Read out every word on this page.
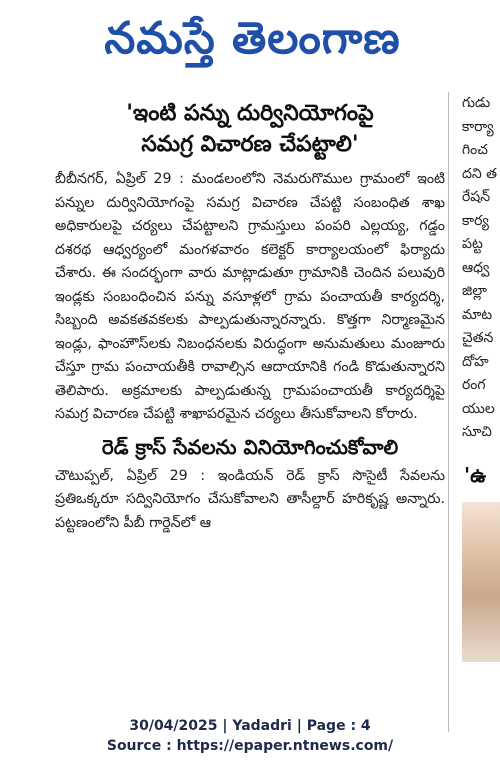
నమస్తే తెలంగాణ
'ఇంటి పన్ను దుర్వినియోగంపై
సమగ్ర విచారణ చేపట్టాలి'

బీబీనగర్, ఏప్రిల్ 29 : మండలంలోని నెమరుగొముల గ్రామంలో ఇంటి పన్నుల దుర్వినియోగంపై సమగ్ర విచారణ చేపట్టి సంబంధిత శాఖ అధికారులపై చర్యలు చేపట్టాలని గ్రామస్తులు పంపరి ఎల్లయ్య, గడ్డం దశరథ ఆధ్వర్యంలో మంగళవారం కలెక్టర్ కార్యాలయంలో ఫిర్యాదు చేశారు. ఈ సందర్భంగా వారు మాట్లాడుతూ గ్రామానికి చెందిన పలువురి ఇండ్లకు సంబంధించిన పన్ను వసూళ్లలో గ్రామ పంచాయతీ కార్యదర్శి, సిబ్బంది అవకతవకలకు పాల్పడుతున్నారన్నారు. కొత్తగా నిర్మాణమైన ఇండ్లు, ఫాంహౌస్‌లకు నిబంధనలకు విరుద్ధంగా అనుమతులు మంజూరు చేస్తూ గ్రామ పంచాయతీకి రావాల్సిన ఆదాయానికి గండి కొడుతున్నారని తెలిపారు. అక్రమాలకు పాల్పడుతున్న గ్రామపంచాయతీ కార్యదర్శిపై సమగ్ర విచారణ చేపట్టి శాఖాపరమైన చర్యలు తీసుకోవాలని కోరారు.

రెడ్ క్రాస్ సేవలను వినియోగించుకోవాలి

చౌటుప్పల్, ఏప్రిల్ 29 : ఇండియన్ రెడ్ క్రాస్ సొసైటీ సేవలను ప్రతిఒక్కరూ సద్వినియోగం చేసుకోవాలని తాసీల్దార్ హరికృష్ణ అన్నారు. పట్టణంలోని పీబీ గార్డెన్‌లో ఆ

గుడు
కార్యా
గించ
దని త
రేషన్
కార్య
పట్ట
ఆధ్వ
జిల్లా
మాట
చైతన
దోహ
రంగ
యుల
సూచి
'ఉ
30/04/2025 | Yadadri | Page : 4
Source : https://epaper.ntnews.com/
